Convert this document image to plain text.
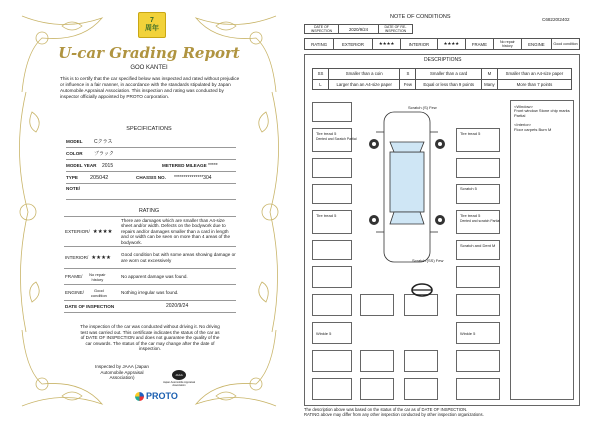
7
周年
U-car Grading Report
GOO KANTEI
This is to certify that the car specified below was inspected and rated without prejudice or influence in a fair manner, in accordance with the standards stipulated by Japan Automobile Appraisal Association. This inspection and rating was conducted by inspector officially appointed by PROTO corporation.
SPECIFICATIONS
MODEL	Cクラス
COLOR	ブラック
MODEL YEAR	2015	METERED MILEAGE *****
TYPE	205042	CHASSIS NO. ***************304
NOTE/
RATING
EXTERIOR/ ★★★★
There are damages which are smaller than A4-size sheet and/or width. Defects on the bodywork due to repairs and/or damages smaller than a card in length and or width can be seen on more than 4 areas of the bodywork.
INTERIOR/ ★★★★
Good condition but with some areas showing damage or are worn out excessively
FRAME/	No repair history
No apparent damage was found.
ENGINE/	Good condition
Nothing irregular was found.
DATE OF INSPECTION	2020/9/24
The inspection of the car was conducted without driving it. No driving test was carried out. This certificate indicates the status of the car as of DATE OF INSPECTION and does not guarantee the quality of the car onwards. The status of the car may change after the date of inspection.
Inspected by JAAA (Japan Automobile Appraisal Association)
JAAA
Japan Automobile Appraisal Association
PROTO
NOTE OF CONDITIONS	C68220t2402
DATE OF INSPECTION	2020/9/24	DATE OF RE-INSPECTION	
RATING	EXTERIOR	★★★★	INTERIOR	★★★★	FRAME	No repair history	ENGINE	Good condition
DESCRIPTIONS
SS	Smaller than a coin	S	Smaller than a card	M	Smaller than an A4-size paper
L	Larger than an A4-size paper	Few	Equal or less than 9 points	Many	More than 7 points
Scratch (S) Few
Tire tread 5
Dented and Scratch Partial
Tire tread 5
<Window>
Front window Stone chip marks Partial
<Interior>
Floor carpets Burn M
Scratch 5
Tire tread 5	Tire tread 5
Dented and scratch Partial
Scratch and Dent M
Scratch (SS) Few
Winkle 5	Winkle 5
The description above was based on the status of the car as of DATE OF INSPECTION.
RATING above may differ from any other inspection conducted by other inspection organizations.
